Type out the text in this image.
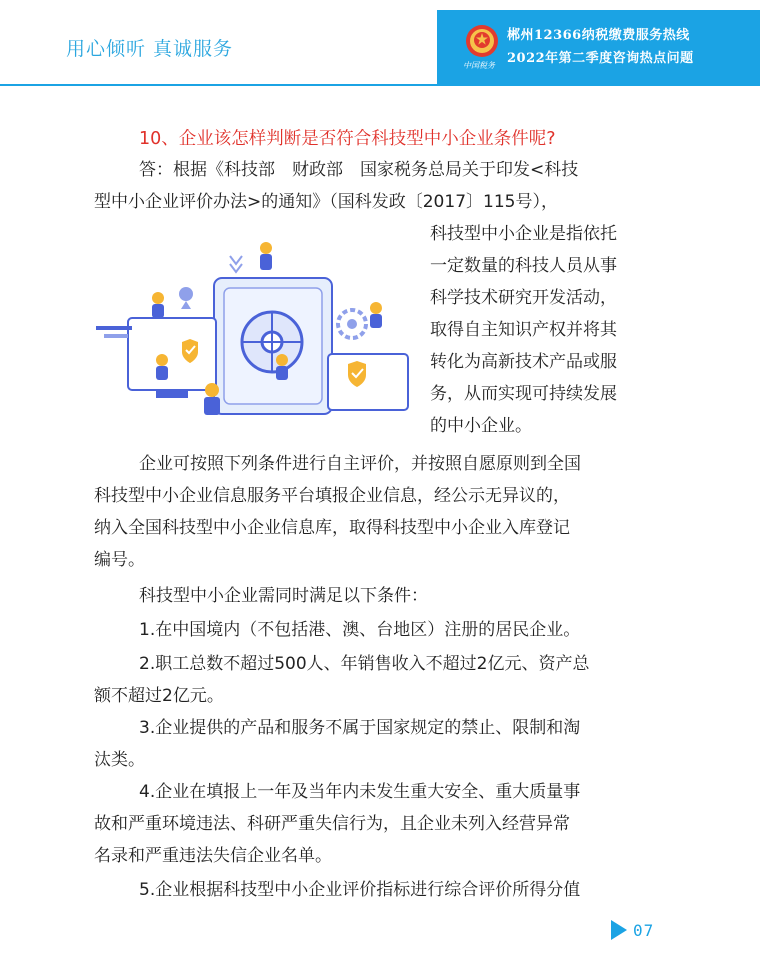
用心倾听 真诚服务
中国税务
郴州12366纳税缴费服务热线
2022年第二季度咨询热点问题
10、企业该怎样判断是否符合科技型中小企业条件呢?
答：根据《科技部　财政部　国家税务总局关于印发<科技
型中小企业评价办法>的通知》（国科发政〔2017〕115号），
科技型中小企业是指依托
一定数量的科技人员从事
科学技术研究开发活动，
取得自主知识产权并将其
转化为高新技术产品或服
务，从而实现可持续发展
的中小企业。
企业可按照下列条件进行自主评价，并按照自愿原则到全国
科技型中小企业信息服务平台填报企业信息，经公示无异议的，
纳入全国科技型中小企业信息库，取得科技型中小企业入库登记
编号。
科技型中小企业需同时满足以下条件：
1.在中国境内（不包括港、澳、台地区）注册的居民企业。
2.职工总数不超过500人、年销售收入不超过2亿元、资产总
额不超过2亿元。
3.企业提供的产品和服务不属于国家规定的禁止、限制和淘
汰类。
4.企业在填报上一年及当年内未发生重大安全、重大质量事
故和严重环境违法、科研严重失信行为，且企业未列入经营异常
名录和严重违法失信企业名单。
5.企业根据科技型中小企业评价指标进行综合评价所得分值
07
